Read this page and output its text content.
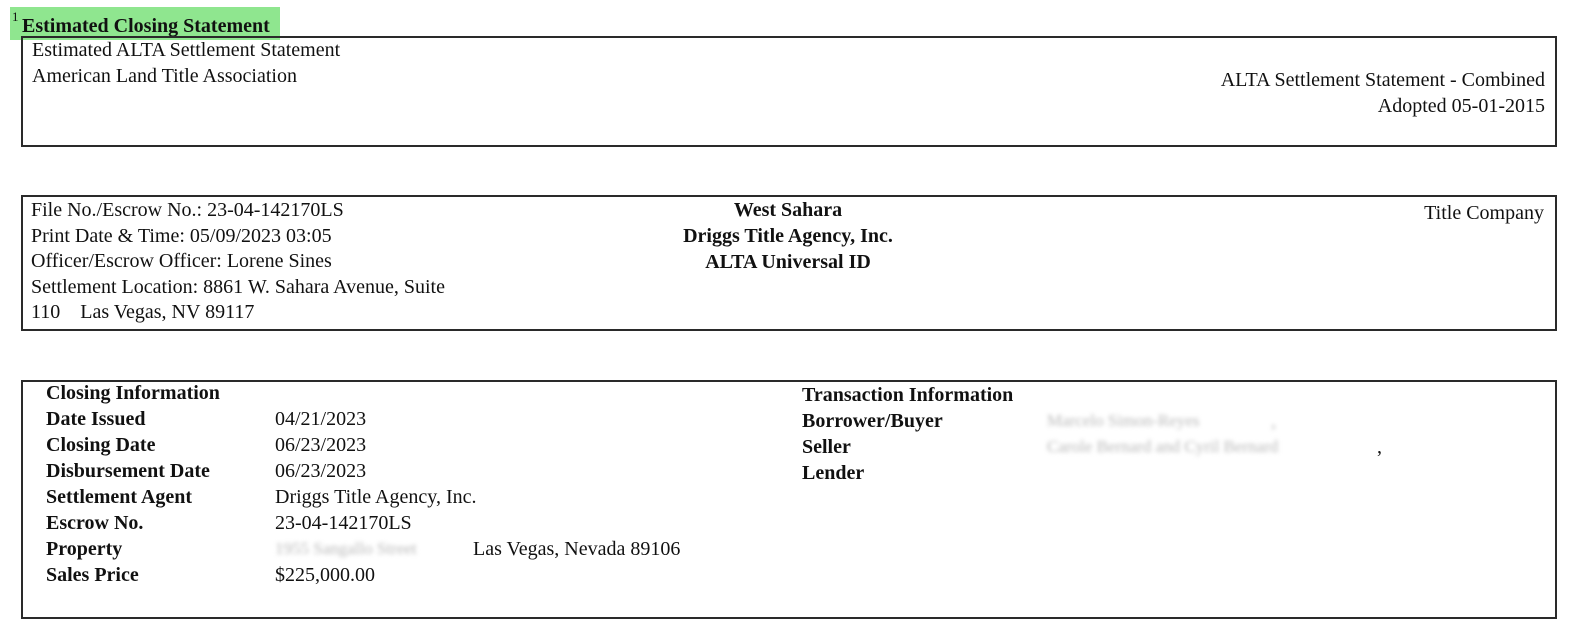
1 Estimated Closing Statement
Estimated ALTA Settlement Statement
American Land Title Association	ALTA Settlement Statement - Combined
Adopted 05-01-2015
File No./Escrow No.: 23-04-142170LS
Print Date & Time: 05/09/2023 03:05
Officer/Escrow Officer: Lorene Sines
Settlement Location: 8861 W. Sahara Avenue, Suite
110    Las Vegas, NV 89117
West Sahara
Driggs Title Agency, Inc.
ALTA Universal ID
Title Company
Closing Information
Date Issued	04/21/2023
Closing Date	06/23/2023
Disbursement Date	06/23/2023
Settlement Agent	Driggs Title Agency, Inc.
Escrow No.	23-04-142170LS
Property	1955 Sangallo Street	Las Vegas, Nevada 89106
Sales Price	$225,000.00
Transaction Information
Borrower/Buyer	Marcelo Simon-Reyes	,
Seller	Carole Bernard and Cyril Bernard	,
Lender
